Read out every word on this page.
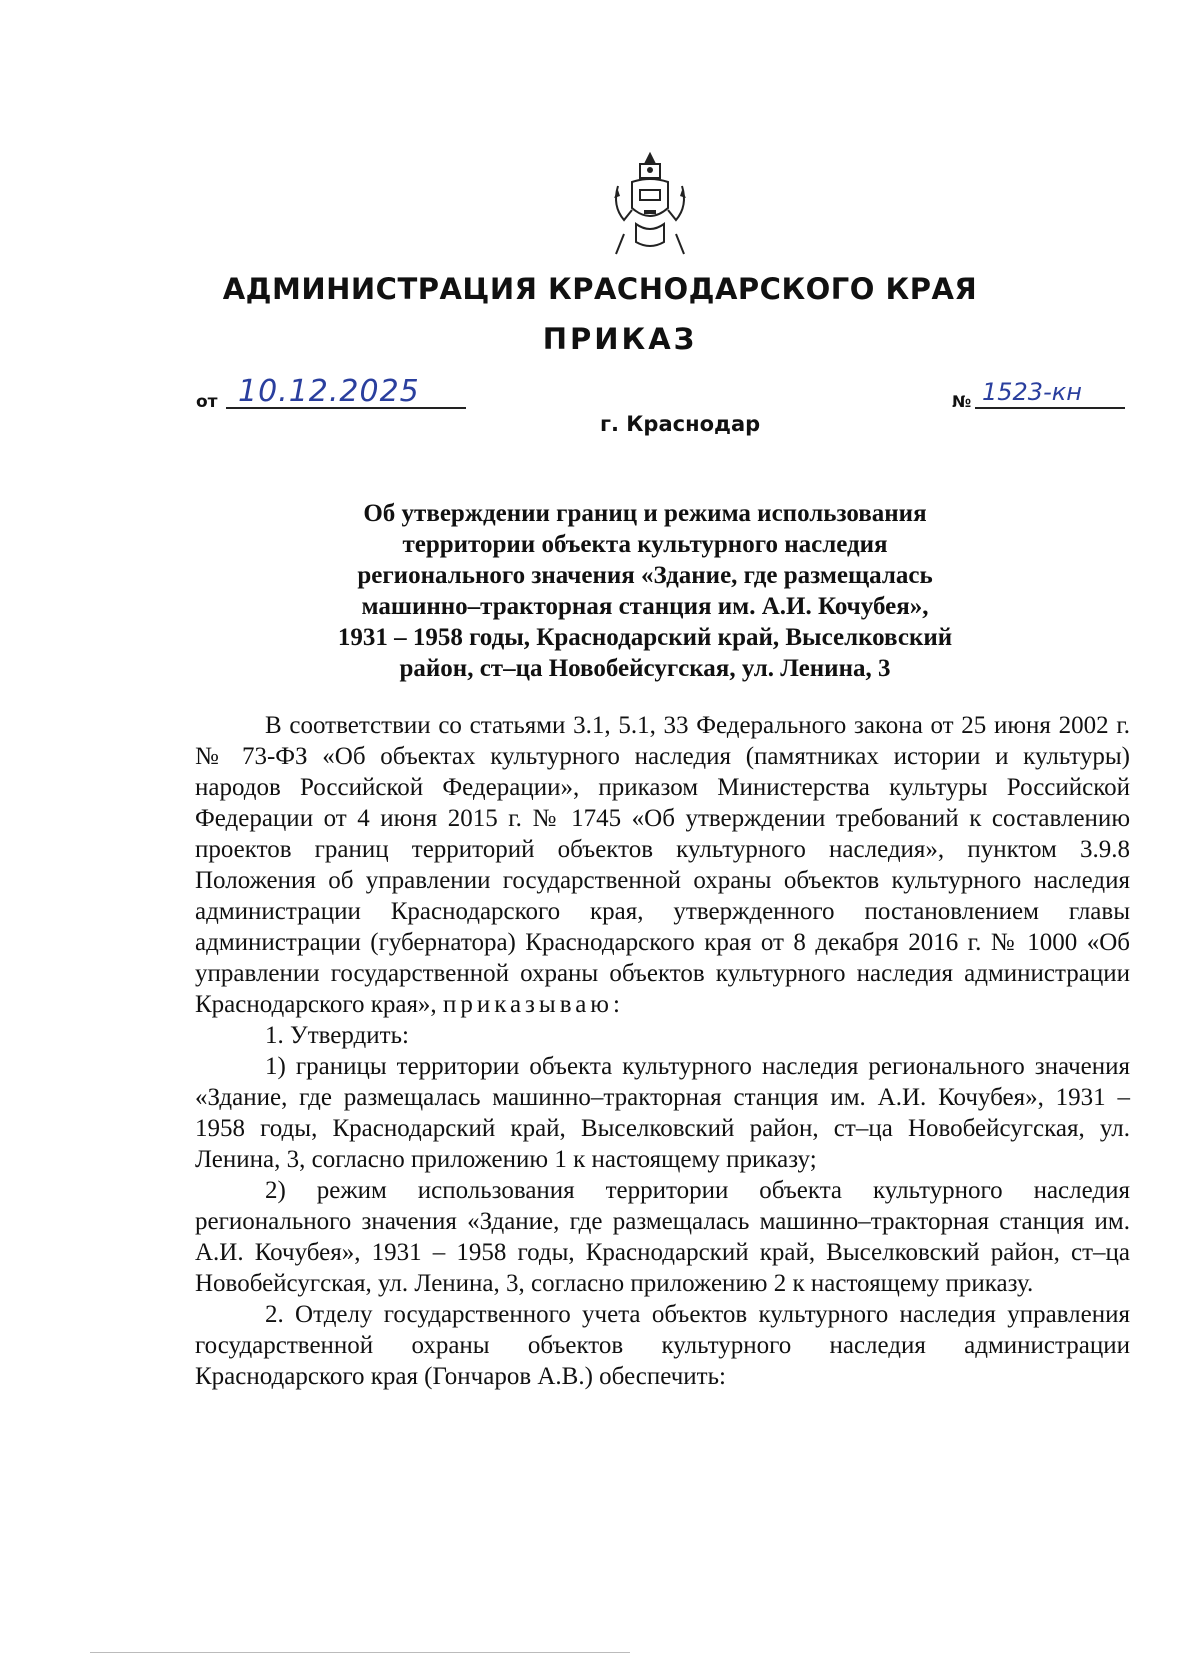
АДМИНИСТРАЦИЯ КРАСНОДАРСКОГО КРАЯ
ПРИКАЗ
от 10.12.2025	№ 1523-кн
г. Краснодар
Об утверждении границ и режима использования
территории объекта культурного наследия
регионального значения «Здание, где размещалась
машинно–тракторная станция им. А.И. Кочубея»,
1931 – 1958 годы, Краснодарский край, Выселковский
район, ст–ца Новобейсугская, ул. Ленина, 3

В соответствии со статьями 3.1, 5.1, 33 Федерального закона от 25 июня 2002 г. № 73-ФЗ «Об объектах культурного наследия (памятниках истории и культуры) народов Российской Федерации», приказом Министерства культуры Российской Федерации от 4 июня 2015 г. № 1745 «Об утверждении требований к составлению проектов границ территорий объектов культурного наследия», пунктом 3.9.8 Положения об управлении государственной охраны объектов культурного наследия администрации Краснодарского края, утвержденного постановлением главы администрации (губернатора) Краснодарского края от 8 декабря 2016 г. № 1000 «Об управлении государственной охраны объектов культурного наследия администрации Краснодарского края», приказываю:

1. Утвердить:

1) границы территории объекта культурного наследия регионального значения «Здание, где размещалась машинно–тракторная станция им. А.И. Кочубея», 1931 – 1958 годы, Краснодарский край, Выселковский район, ст–ца Новобейсугская, ул. Ленина, 3, согласно приложению 1 к настоящему приказу;

2) режим использования территории объекта культурного наследия регионального значения «Здание, где размещалась машинно–тракторная станция им. А.И. Кочубея», 1931 – 1958 годы, Краснодарский край, Выселковский район, ст–ца Новобейсугская, ул. Ленина, 3, согласно приложению 2 к настоящему приказу.

2. Отделу государственного учета объектов культурного наследия управления государственной охраны объектов культурного наследия администрации Краснодарского края (Гончаров А.В.) обеспечить:
